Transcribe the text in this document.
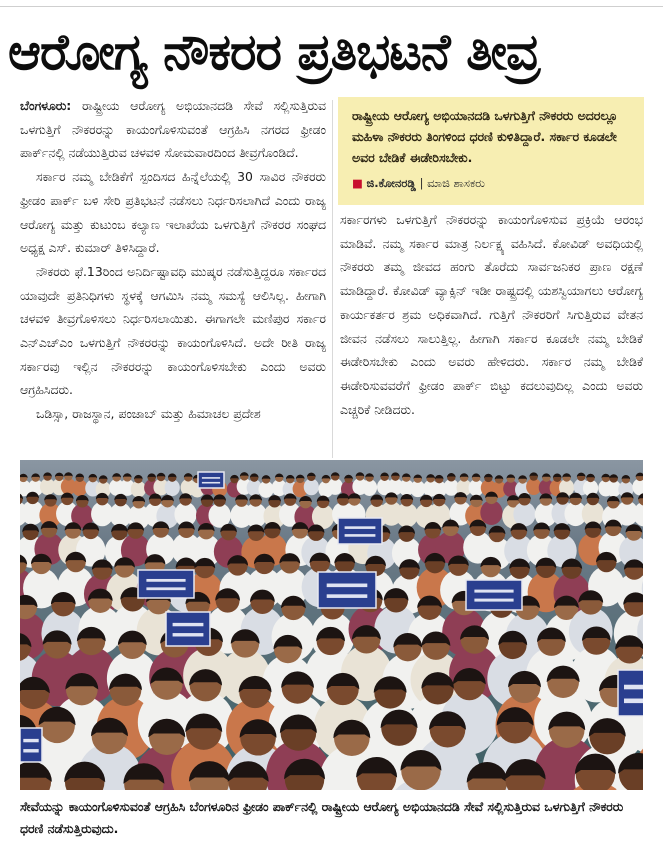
ಆರೋಗ್ಯ ನೌಕರರ ಪ್ರತಿಭಟನೆ ತೀವ್ರ

ಬೆಂಗಳೂರು: ರಾಷ್ಟ್ರೀಯ ಆರೋಗ್ಯ ಅಭಿಯಾನದಡಿ ಸೇವೆ ಸಲ್ಲಿಸುತ್ತಿರುವ ಒಳಗುತ್ತಿಗೆ ನೌಕರರನ್ನು ಕಾಯಂಗೊಳಿಸುವಂತೆ ಆಗ್ರಹಿಸಿ ನಗರದ ಫ್ರೀಡಂ ಪಾರ್ಕ್‌ನಲ್ಲಿ ನಡೆಯುತ್ತಿರುವ ಚಳವಳಿ ಸೋಮವಾರದಿಂದ ತೀವ್ರಗೊಂಡಿದೆ.

ಸರ್ಕಾರ ನಮ್ಮ ಬೇಡಿಕೆಗೆ ಸ್ಪಂದಿಸದ ಹಿನ್ನೆಲೆಯಲ್ಲಿ 30 ಸಾವಿರ ನೌಕರರು ಫ್ರೀಡಂ ಪಾರ್ಕ್ ಬಳಿ ಸೇರಿ ಪ್ರತಿಭಟನೆ ನಡೆಸಲು ನಿರ್ಧರಿಸಲಾಗಿದೆ ಎಂದು ರಾಜ್ಯ ಆರೋಗ್ಯ ಮತ್ತು ಕುಟುಂಬ ಕಲ್ಯಾಣ ಇಲಾಖೆಯ ಒಳಗುತ್ತಿಗೆ ನೌಕರರ ಸಂಘದ ಅಧ್ಯಕ್ಷ ಎಸ್. ಕುಮಾರ್ ತಿಳಿಸಿದ್ದಾರೆ.

ನೌಕರರು ಫೆ.13ರಿಂದ ಅನಿರ್ದಿಷ್ಟಾವಧಿ ಮುಷ್ಕರ ನಡೆಸುತ್ತಿದ್ದರೂ ಸರ್ಕಾರದ ಯಾವುದೇ ಪ್ರತಿನಿಧಿಗಳು ಸ್ಥಳಕ್ಕೆ ಆಗಮಿಸಿ ನಮ್ಮ ಸಮಸ್ಯೆ ಆಲಿಸಿಲ್ಲ. ಹೀಗಾಗಿ ಚಳವಳಿ ತೀವ್ರಗೊಳಿಸಲು ನಿರ್ಧರಿಸಲಾಯಿತು. ಈಗಾಗಲೇ ಮಣಿಪುರ ಸರ್ಕಾರ ಎನ್ಎಚ್ಎಂ ಒಳಗುತ್ತಿಗೆ ನೌಕರರನ್ನು ಕಾಯಂಗೊಳಿಸಿದೆ. ಅದೇ ರೀತಿ ರಾಜ್ಯ ಸರ್ಕಾರವು ಇಲ್ಲಿನ ನೌಕರರನ್ನು ಕಾಯಂಗೊಳಿಸಬೇಕು ಎಂದು ಅವರು ಆಗ್ರಹಿಸಿದರು.

ಒಡಿಸ್ಸಾ, ರಾಜಸ್ಥಾನ, ಪಂಜಾಬ್ ಮತ್ತು ಹಿಮಾಚಲ ಪ್ರದೇಶ

ರಾಷ್ಟ್ರೀಯ ಆರೋಗ್ಯ ಅಭಿಯಾನದಡಿ ಒಳಗುತ್ತಿಗೆ ನೌಕರರು ಅದರಲ್ಲೂ ಮಹಿಳಾ ನೌಕರರು ತಿಂಗಳಿಂದ ಧರಣಿ ಕುಳಿತಿದ್ದಾರೆ. ಸರ್ಕಾರ ಕೂಡಲೇ ಅವರ ಬೇಡಿಕೆ ಈಡೇರಿಸಬೇಕು.

■ ಜಿ.ಕೋನರಡ್ಡಿ | ಮಾಜಿ ಶಾಸಕರು

ಸರ್ಕಾರಗಳು ಒಳಗುತ್ತಿಗೆ ನೌಕರರನ್ನು ಕಾಯಂಗೊಳಿಸುವ ಪ್ರಕ್ರಿಯೆ ಆರಂಭ ಮಾಡಿವೆ. ನಮ್ಮ ಸರ್ಕಾರ ಮಾತ್ರ ನಿರ್ಲಕ್ಷ್ಯ ವಹಿಸಿದೆ. ಕೋವಿಡ್ ಅವಧಿಯಲ್ಲಿ ನೌಕರರು ತಮ್ಮ ಜೀವದ ಹಂಗು ತೊರೆದು ಸಾರ್ವಜನಿಕರ ಪ್ರಾಣ ರಕ್ಷಣೆ ಮಾಡಿದ್ದಾರೆ. ಕೋವಿಡ್ ವ್ಯಾಕ್ಸಿನ್ ಇಡೀ ರಾಷ್ಟ್ರದಲ್ಲಿ ಯಶಸ್ವಿಯಾಗಲು ಆರೋಗ್ಯ ಕಾರ್ಯಕರ್ತರ ಶ್ರಮ ಅಧಿಕವಾಗಿದೆ. ಗುತ್ತಿಗೆ ನೌಕರರಿಗೆ ಸಿಗುತ್ತಿರುವ ವೇತನ ಜೀವನ ನಡೆಸಲು ಸಾಲುತ್ತಿಲ್ಲ. ಹೀಗಾಗಿ ಸರ್ಕಾರ ಕೂಡಲೇ ನಮ್ಮ ಬೇಡಿಕೆ ಈಡೇರಿಸಬೇಕು ಎಂದು ಅವರು ಹೇಳಿದರು. ಸರ್ಕಾರ ನಮ್ಮ ಬೇಡಿಕೆ ಈಡೇರಿಸುವವರೆಗೆ ಫ್ರೀಡಂ ಪಾರ್ಕ್ ಬಿಟ್ಟು ಕದಲುವುದಿಲ್ಲ ಎಂದು ಅವರು ಎಚ್ಚರಿಕೆ ನೀಡಿದರು.

ಸೇವೆಯನ್ನು ಕಾಯಂಗೊಳಿಸುವಂತೆ ಆಗ್ರಹಿಸಿ ಬೆಂಗಳೂರಿನ ಫ್ರೀಡಂ ಪಾರ್ಕ್‌ನಲ್ಲಿ ರಾಷ್ಟ್ರೀಯ ಆರೋಗ್ಯ ಅಭಿಯಾನದಡಿ ಸೇವೆ ಸಲ್ಲಿಸುತ್ತಿರುವ ಒಳಗುತ್ತಿಗೆ ನೌಕರರು ಧರಣಿ ನಡೆಸುತ್ತಿರುವುದು.
